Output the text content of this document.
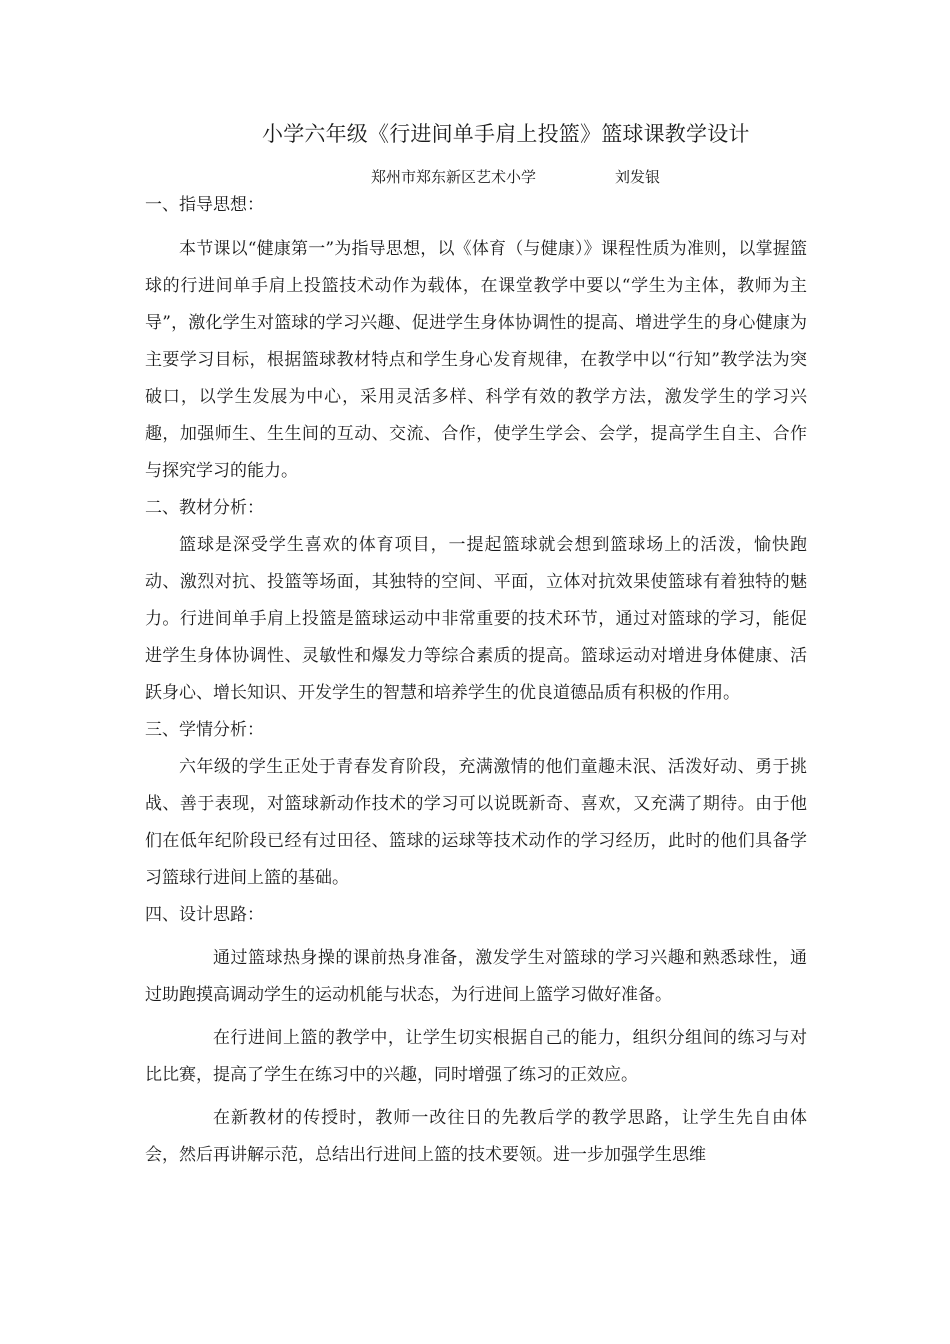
小学六年级《行进间单手肩上投篮》篮球课教学设计
郑州市郑东新区艺术小学	刘发银
一、指导思想：

本节课以“健康第一”为指导思想，以《体育（与健康）》课程性质为准则，以掌握篮球的行进间单手肩上投篮技术动作为载体，在课堂教学中要以“学生为主体，教师为主导”，激化学生对篮球的学习兴趣、促进学生身体协调性的提高、增进学生的身心健康为主要学习目标，根据篮球教材特点和学生身心发育规律，在教学中以“行知”教学法为突破口，以学生发展为中心，采用灵活多样、科学有效的教学方法，激发学生的学习兴趣，加强师生、生生间的互动、交流、合作，使学生学会、会学，提高学生自主、合作与探究学习的能力。

二、教材分析：

篮球是深受学生喜欢的体育项目，一提起篮球就会想到篮球场上的活泼，愉快跑动、激烈对抗、投篮等场面，其独特的空间、平面，立体对抗效果使篮球有着独特的魅力。行进间单手肩上投篮是篮球运动中非常重要的技术环节，通过对篮球的学习，能促进学生身体协调性、灵敏性和爆发力等综合素质的提高。篮球运动对增进身体健康、活跃身心、增长知识、开发学生的智慧和培养学生的优良道德品质有积极的作用。

三、学情分析：

六年级的学生正处于青春发育阶段，充满激情的他们童趣未泯、活泼好动、勇于挑战、善于表现，对篮球新动作技术的学习可以说既新奇、喜欢，又充满了期待。由于他们在低年纪阶段已经有过田径、篮球的运球等技术动作的学习经历，此时的他们具备学习篮球行进间上篮的基础。

四、设计思路：

通过篮球热身操的课前热身准备，激发学生对篮球的学习兴趣和熟悉球性，通过助跑摸高调动学生的运动机能与状态，为行进间上篮学习做好准备。

在行进间上篮的教学中，让学生切实根据自己的能力，组织分组间的练习与对比比赛，提高了学生在练习中的兴趣，同时增强了练习的正效应。

在新教材的传授时，教师一改往日的先教后学的教学思路，让学生先自由体会，然后再讲解示范，总结出行进间上篮的技术要领。进一步加强学生思维
